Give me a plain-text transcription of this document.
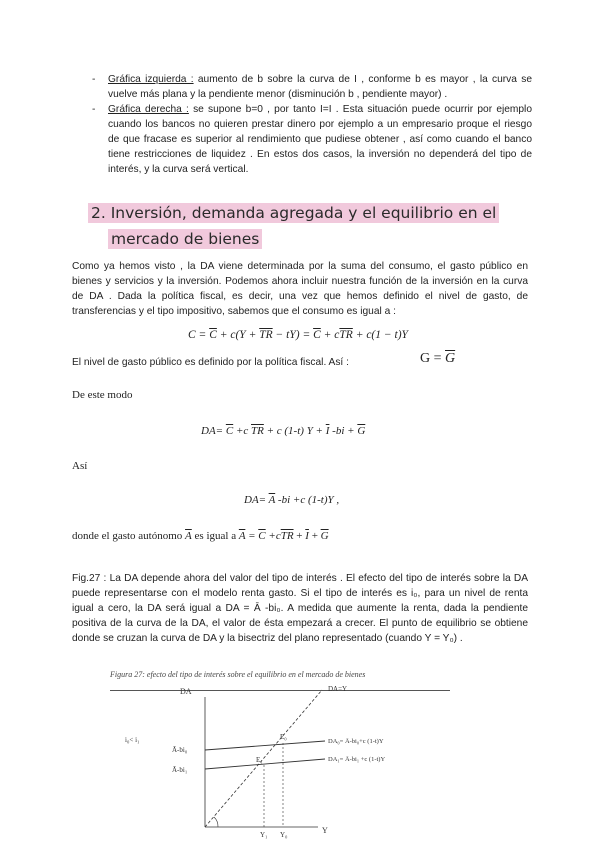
-	Gráfica izquierda : aumento de b sobre la curva de I , conforme b es mayor , la curva se vuelve más plana y la pendiente menor (disminución b , pendiente mayor) .
-	Gráfica derecha : se supone b=0 , por tanto I=I . Esta situación puede ocurrir por ejemplo cuando los bancos no quieren prestar dinero por ejemplo a un empresario proque el riesgo de que fracase es superior al rendimiento que pudiese obtener , así como cuando el banco tiene restricciones de liquidez . En estos dos casos, la inversión no dependerá del tipo de interés, y la curva será vertical.
2. Inversión, demanda agregada y el equilibrio en el
mercado de bienes
Como ya hemos visto , la DA viene determinada por la suma del consumo, el gasto público en bienes y servicios y la inversión. Podemos ahora incluir nuestra función de la inversión en la curva de DA . Dada la política fiscal, es decir, una vez que hemos definido el nivel de gasto, de transferencias y el tipo impositivo, sabemos que el consumo es igual a :
$C = \overline{C} + c(Y + \overline{TR} - tY) = \overline{C} + c\overline{TR} + c(1 - t)Y$
El nivel de gasto público es definido por la política fiscal. Así :	$G = \overline{G}$
De este modo
$DA= \overline{C} +c$ $\overline{TR} + c$ (1-t) $Y + \overline{I}$ $-bi + \overline{G}$
Así
$DA= \overline{A}$ -bi +c (1-t)Y ,
donde el gasto autónomo $\overline{A}$ es igual a $\overline{A} = \overline{C} +c\overline{TR} + \overline{I} + \overline{G}$
Fig.27 : La DA depende ahora del valor del tipo de interés . El efecto del tipo de interés sobre la DA puede representarse con el modelo renta gasto. Si el tipo de interés es i₀, para un nivel de renta igual a cero, la DA será igual a DA = Ā -bi₀. A medida que aumente la renta, dada la pendiente positiva de la curva de la DA, el valor de ésta empezará a crecer. El punto de equilibrio se obtiene donde se cruzan la curva de DA y la bisectriz del plano representado (cuando Y = Y₀) .
Figura 27: efecto del tipo de interés sobre el equilibrio en el mercado de bienes
DA
Y
i₀< i₁
DA=Y
DA₀= Ā-bi₀+c (1-t)Y
DA₁= Ā-bi₁ +c (1-t)Y
Ā-bi₀
Ā-bi₁
E₀
E₁
Y₁ Y₀
